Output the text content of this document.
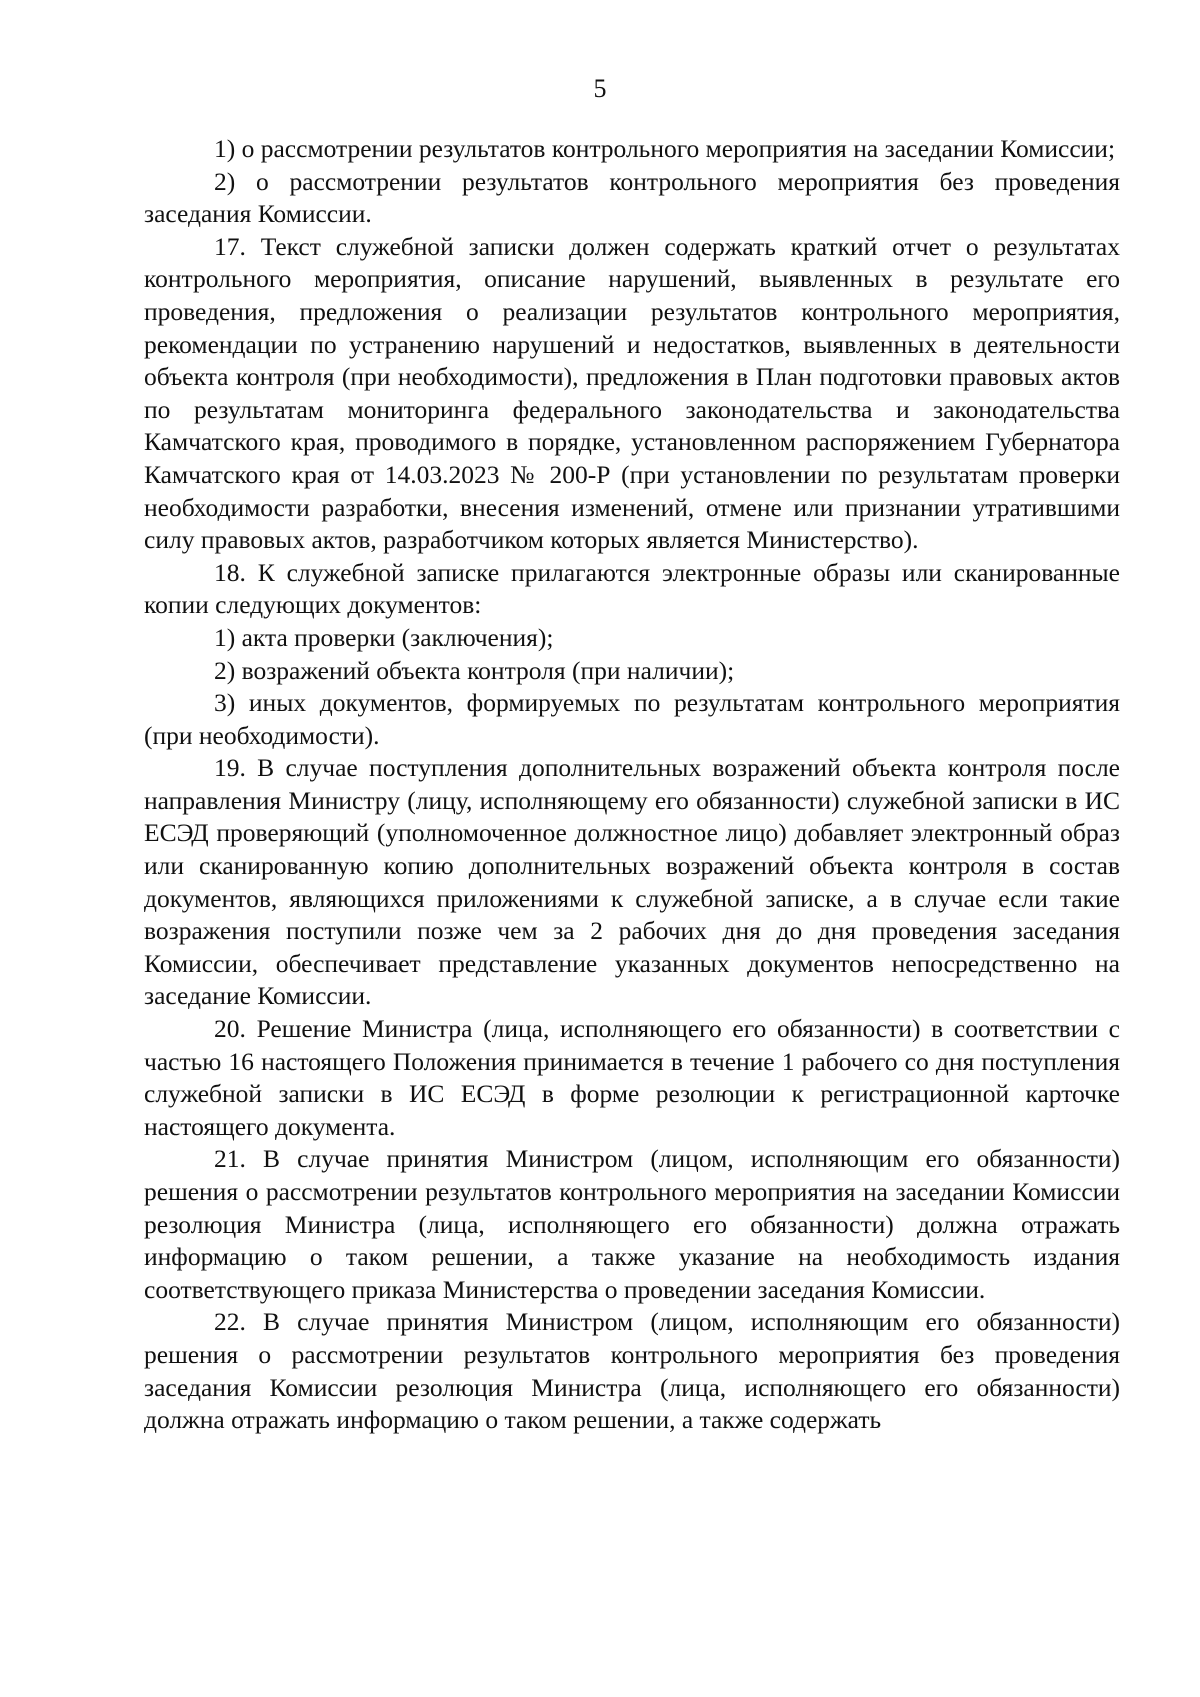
5

1) о рассмотрении результатов контрольного мероприятия на заседании Комиссии;

2) о рассмотрении результатов контрольного мероприятия без проведения заседания Комиссии.

17. Текст служебной записки должен содержать краткий отчет о результатах контрольного мероприятия, описание нарушений, выявленных в результате его проведения, предложения о реализации результатов контрольного мероприятия, рекомендации по устранению нарушений и недостатков, выявленных в деятельности объекта контроля (при необходимости), предложения в План подготовки правовых актов по результатам мониторинга федерального законодательства и законодательства Камчатского края, проводимого в порядке, установленном распоряжением Губернатора Камчатского края от 14.03.2023 № 200-Р (при установлении по результатам проверки необходимости разработки, внесения изменений, отмене или признании утратившими силу правовых актов, разработчиком которых является Министерство).

18. К служебной записке прилагаются электронные образы или сканированные копии следующих документов:

1) акта проверки (заключения);

2) возражений объекта контроля (при наличии);

3) иных документов, формируемых по результатам контрольного мероприятия (при необходимости).

19. В случае поступления дополнительных возражений объекта контроля после направления Министру (лицу, исполняющему его обязанности) служебной записки в ИС ЕСЭД проверяющий (уполномоченное должностное лицо) добавляет электронный образ или сканированную копию дополнительных возражений объекта контроля в состав документов, являющихся приложениями к служебной записке, а в случае если такие возражения поступили позже чем за 2 рабочих дня до дня проведения заседания Комиссии, обеспечивает представление указанных документов непосредственно на заседание Комиссии.

20. Решение Министра (лица, исполняющего его обязанности) в соответствии с частью 16 настоящего Положения принимается в течение 1 рабочего со дня поступления служебной записки в ИС ЕСЭД в форме резолюции к регистрационной карточке настоящего документа.

21. В случае принятия Министром (лицом, исполняющим его обязанности) решения о рассмотрении результатов контрольного мероприятия на заседании Комиссии резолюция Министра (лица, исполняющего его обязанности) должна отражать информацию о таком решении, а также указание на необходимость издания соответствующего приказа Министерства о проведении заседания Комиссии.

22. В случае принятия Министром (лицом, исполняющим его обязанности) решения о рассмотрении результатов контрольного мероприятия без проведения заседания Комиссии резолюция Министра (лица, исполняющего его обязанности) должна отражать информацию о таком решении, а также содержать
